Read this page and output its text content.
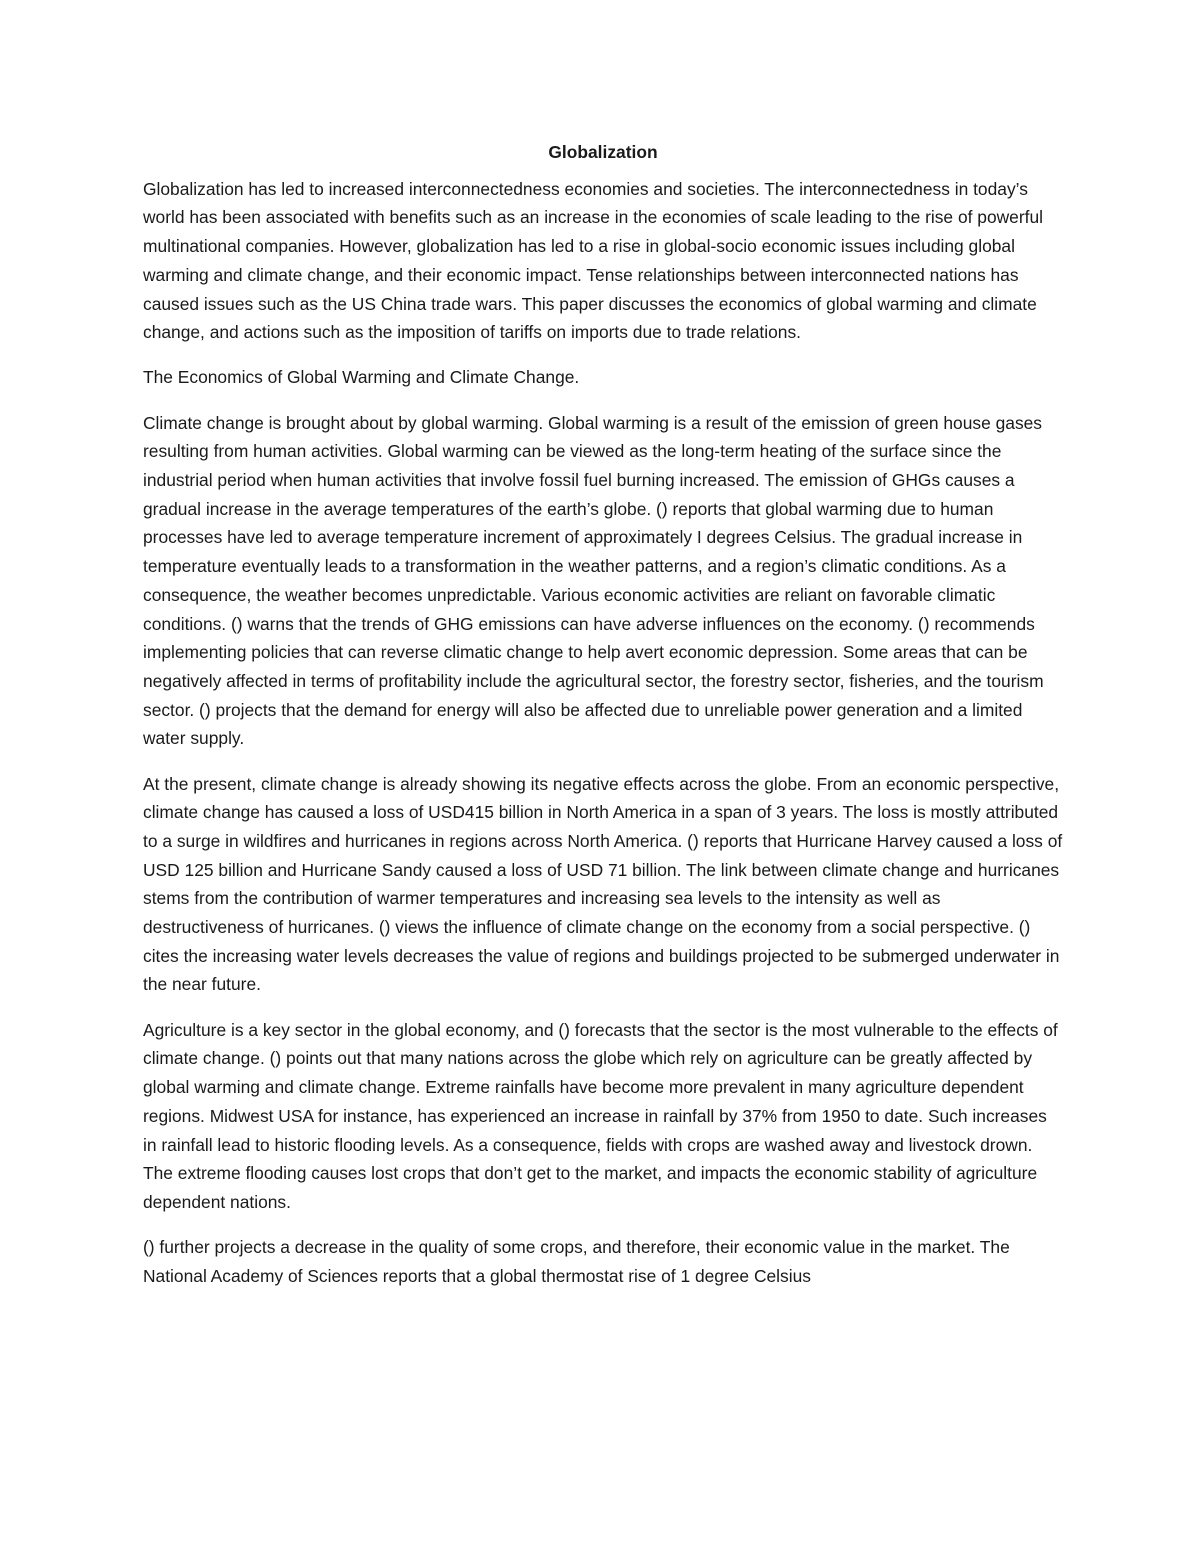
Globalization

Globalization has led to increased interconnectedness economies and societies. The interconnectedness in today’s world has been associated with benefits such as an increase in the economies of scale leading to the rise of powerful multinational companies. However, globalization has led to a rise in global-socio economic issues including global warming and climate change, and their economic impact. Tense relationships between interconnected nations has caused issues such as the US China trade wars. This paper discusses the economics of global warming and climate change, and actions such as the imposition of tariffs on imports due to trade relations.

The Economics of Global Warming and Climate Change.

Climate change is brought about by global warming. Global warming is a result of the emission of green house gases resulting from human activities. Global warming can be viewed as the long-term heating of the surface since the industrial period when human activities that involve fossil fuel burning increased. The emission of GHGs causes a gradual increase in the average temperatures of the earth’s globe. () reports that global warming due to human processes have led to average temperature increment of approximately I degrees Celsius. The gradual increase in temperature eventually leads to a transformation in the weather patterns, and a region’s climatic conditions. As a consequence, the weather becomes unpredictable. Various economic activities are reliant on favorable climatic conditions. () warns that the trends of GHG emissions can have adverse influences on the economy. () recommends implementing policies that can reverse climatic change to help avert economic depression. Some areas that can be negatively affected in terms of profitability include the agricultural sector, the forestry sector, fisheries, and the tourism sector. () projects that the demand for energy will also be affected due to unreliable power generation and a limited water supply.

At the present, climate change is already showing its negative effects across the globe. From an economic perspective, climate change has caused a loss of USD415 billion in North America in a span of 3 years. The loss is mostly attributed to a surge in wildfires and hurricanes in regions across North America. () reports that Hurricane Harvey caused a loss of USD 125 billion and Hurricane Sandy caused a loss of USD 71 billion. The link between climate change and hurricanes stems from the contribution of warmer temperatures and increasing sea levels to the intensity as well as destructiveness of hurricanes. () views the influence of climate change on the economy from a social perspective. () cites the increasing water levels decreases the value of regions and buildings projected to be submerged underwater in the near future.

Agriculture is a key sector in the global economy, and () forecasts that the sector is the most vulnerable to the effects of climate change. () points out that many nations across the globe which rely on agriculture can be greatly affected by global warming and climate change. Extreme rainfalls have become more prevalent in many agriculture dependent regions. Midwest USA for instance, has experienced an increase in rainfall by 37% from 1950 to date. Such increases in rainfall lead to historic flooding levels. As a consequence, fields with crops are washed away and livestock drown. The extreme flooding causes lost crops that don’t get to the market, and impacts the economic stability of agriculture dependent nations.

() further projects a decrease in the quality of some crops, and therefore, their economic value in the market. The National Academy of Sciences reports that a global thermostat rise of 1 degree Celsius
